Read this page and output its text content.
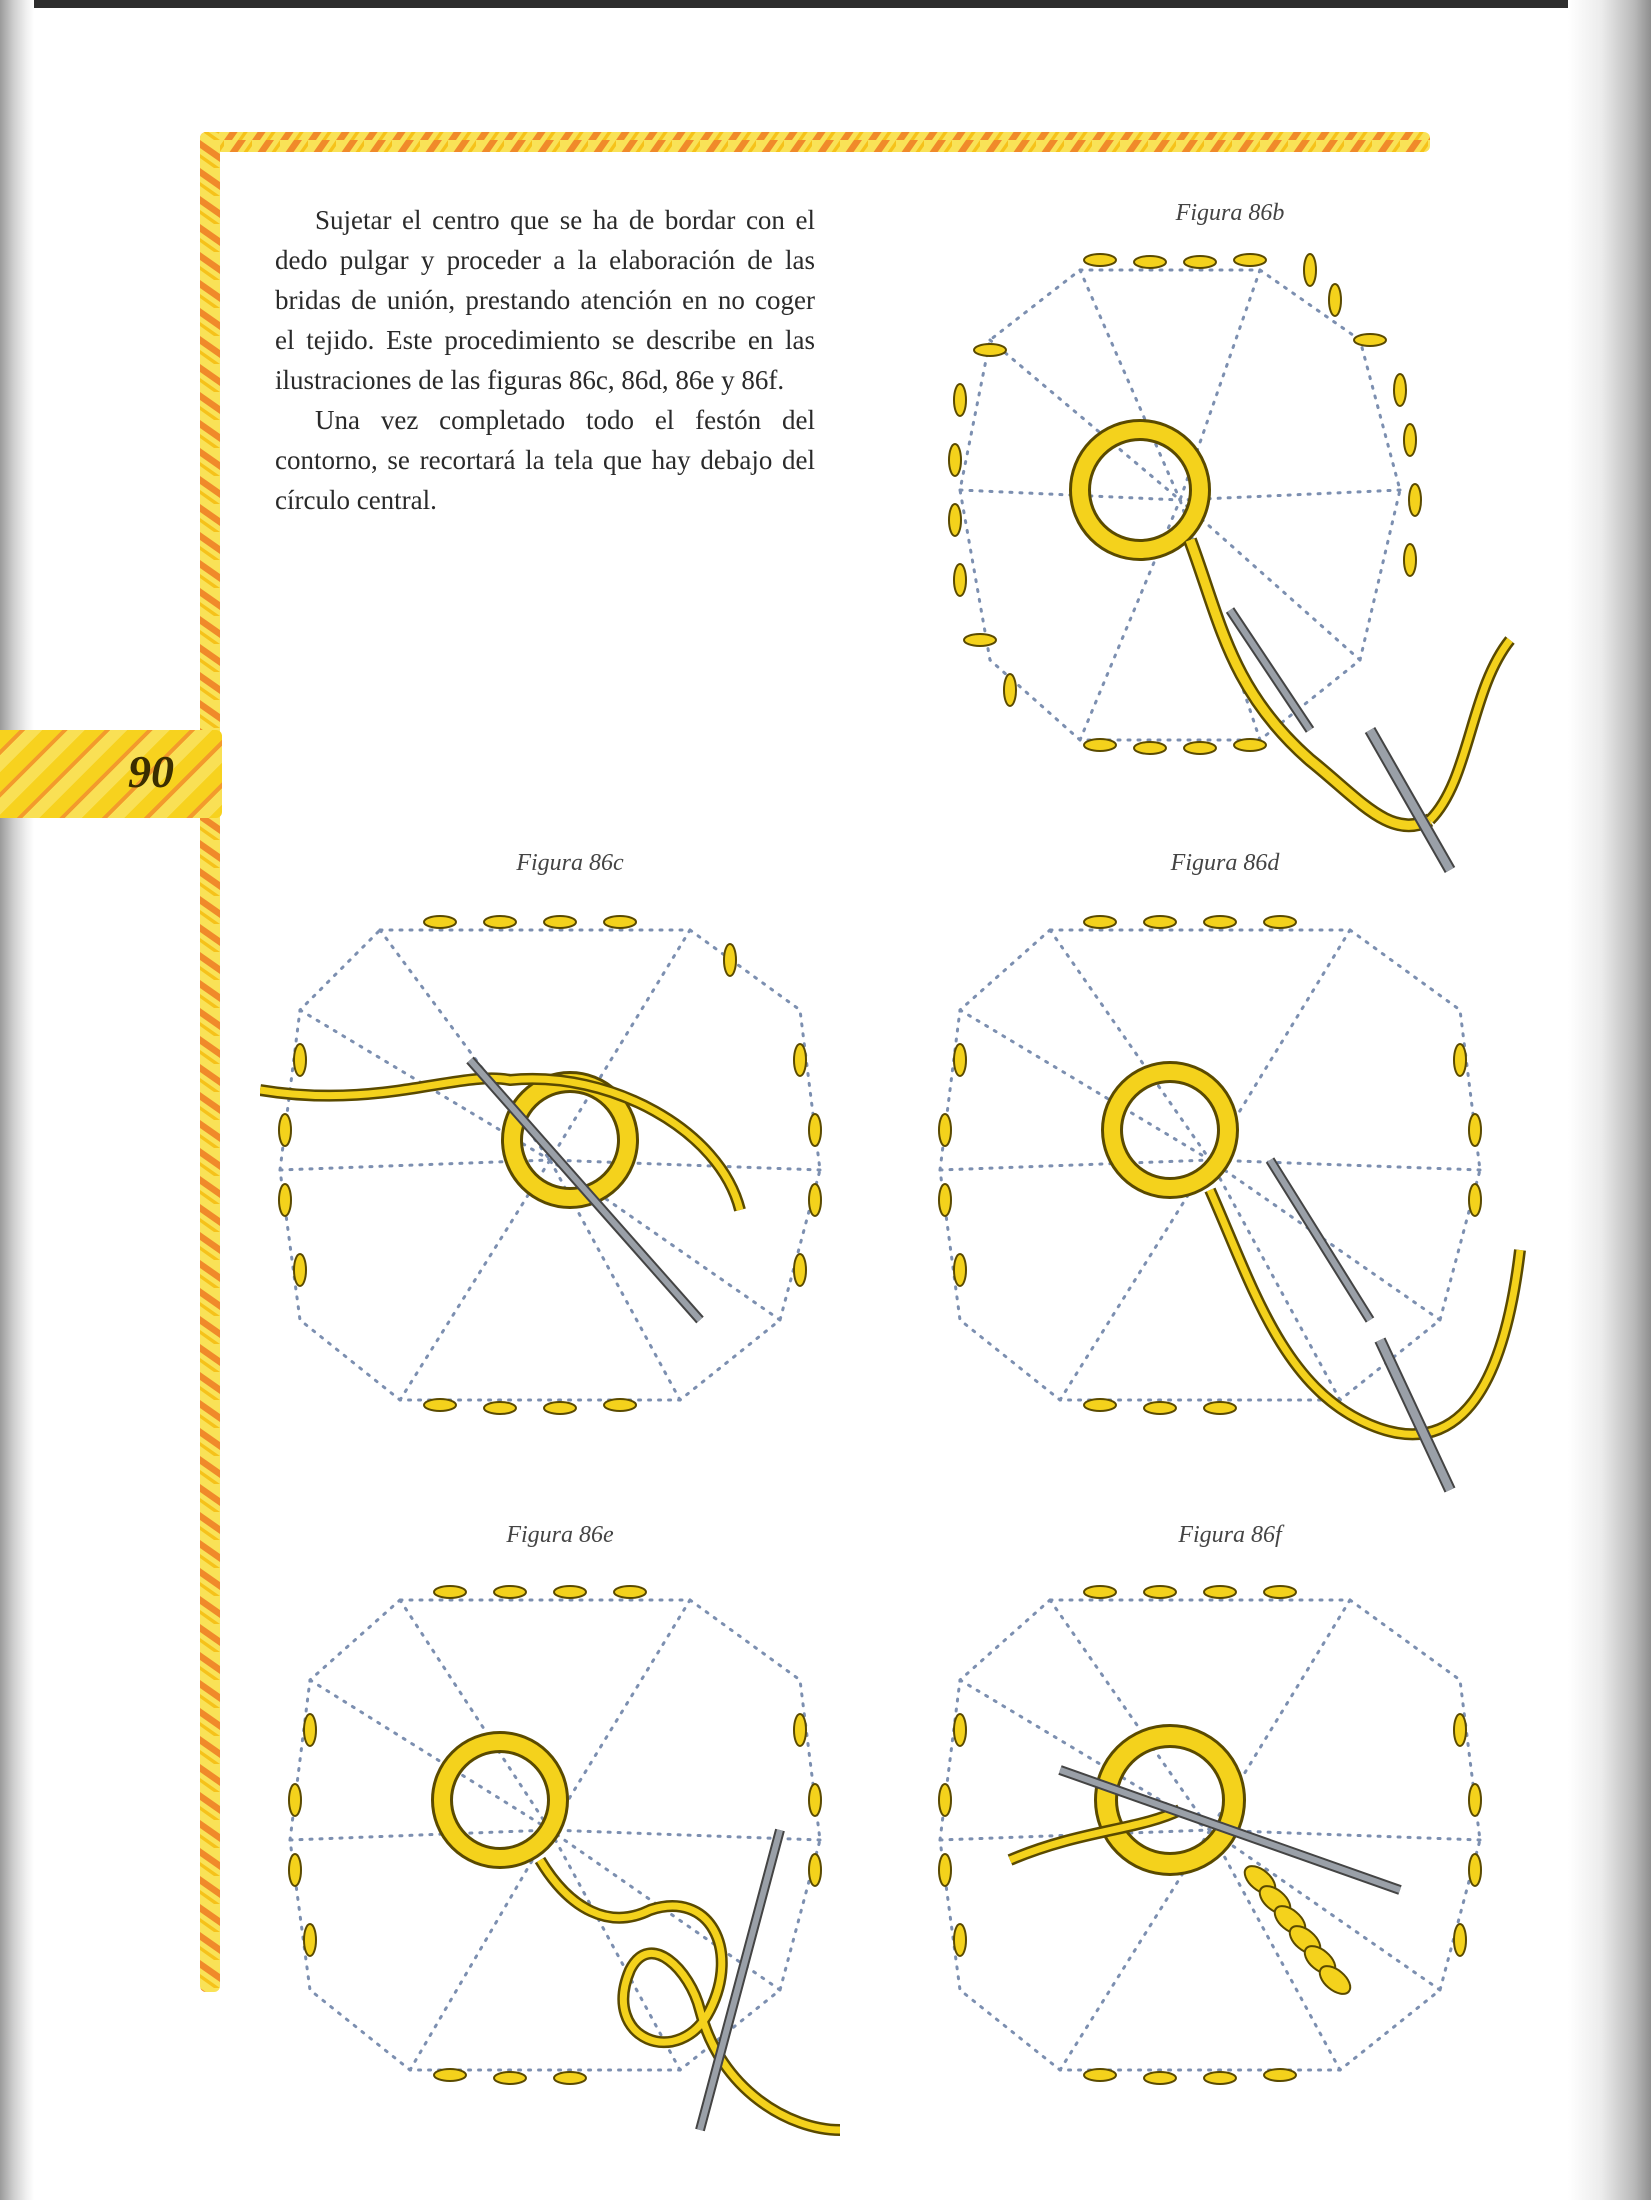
90

Sujetar el centro que se ha de bordar con el dedo pulgar y proceder a la elaboración de las bridas de unión, prestando atención en no coger el tejido. Este procedimiento se describe en las ilustraciones de las figuras 86c, 86d, 86e y 86f.

Una vez completado todo el festón del contorno, se recortará la tela que hay debajo del círculo central.

Figura 86b
Figura 86c	Figura 86d
Figura 86e	Figura 86f
